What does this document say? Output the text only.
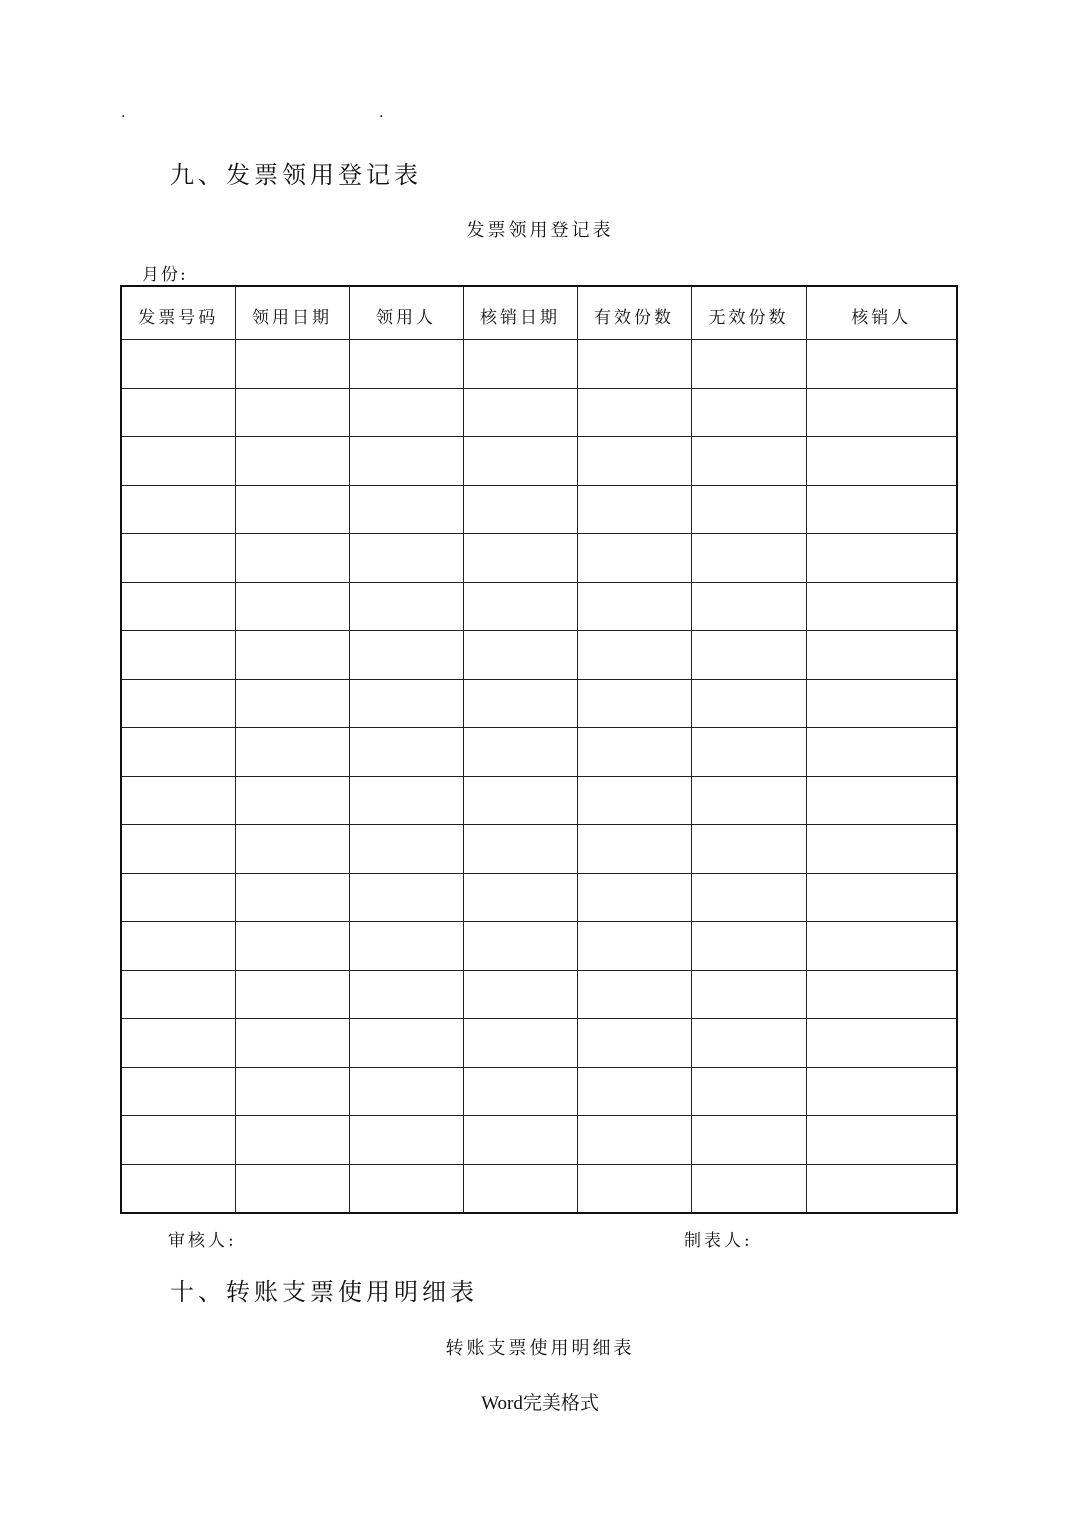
.	.
九、发票领用登记表
发票领用登记表
月份:
发票号码	领用日期	领用人	核销日期	有效份数	无效份数	核销人

审核人:	制表人:
十、转账支票使用明细表
转账支票使用明细表
Word完美格式
